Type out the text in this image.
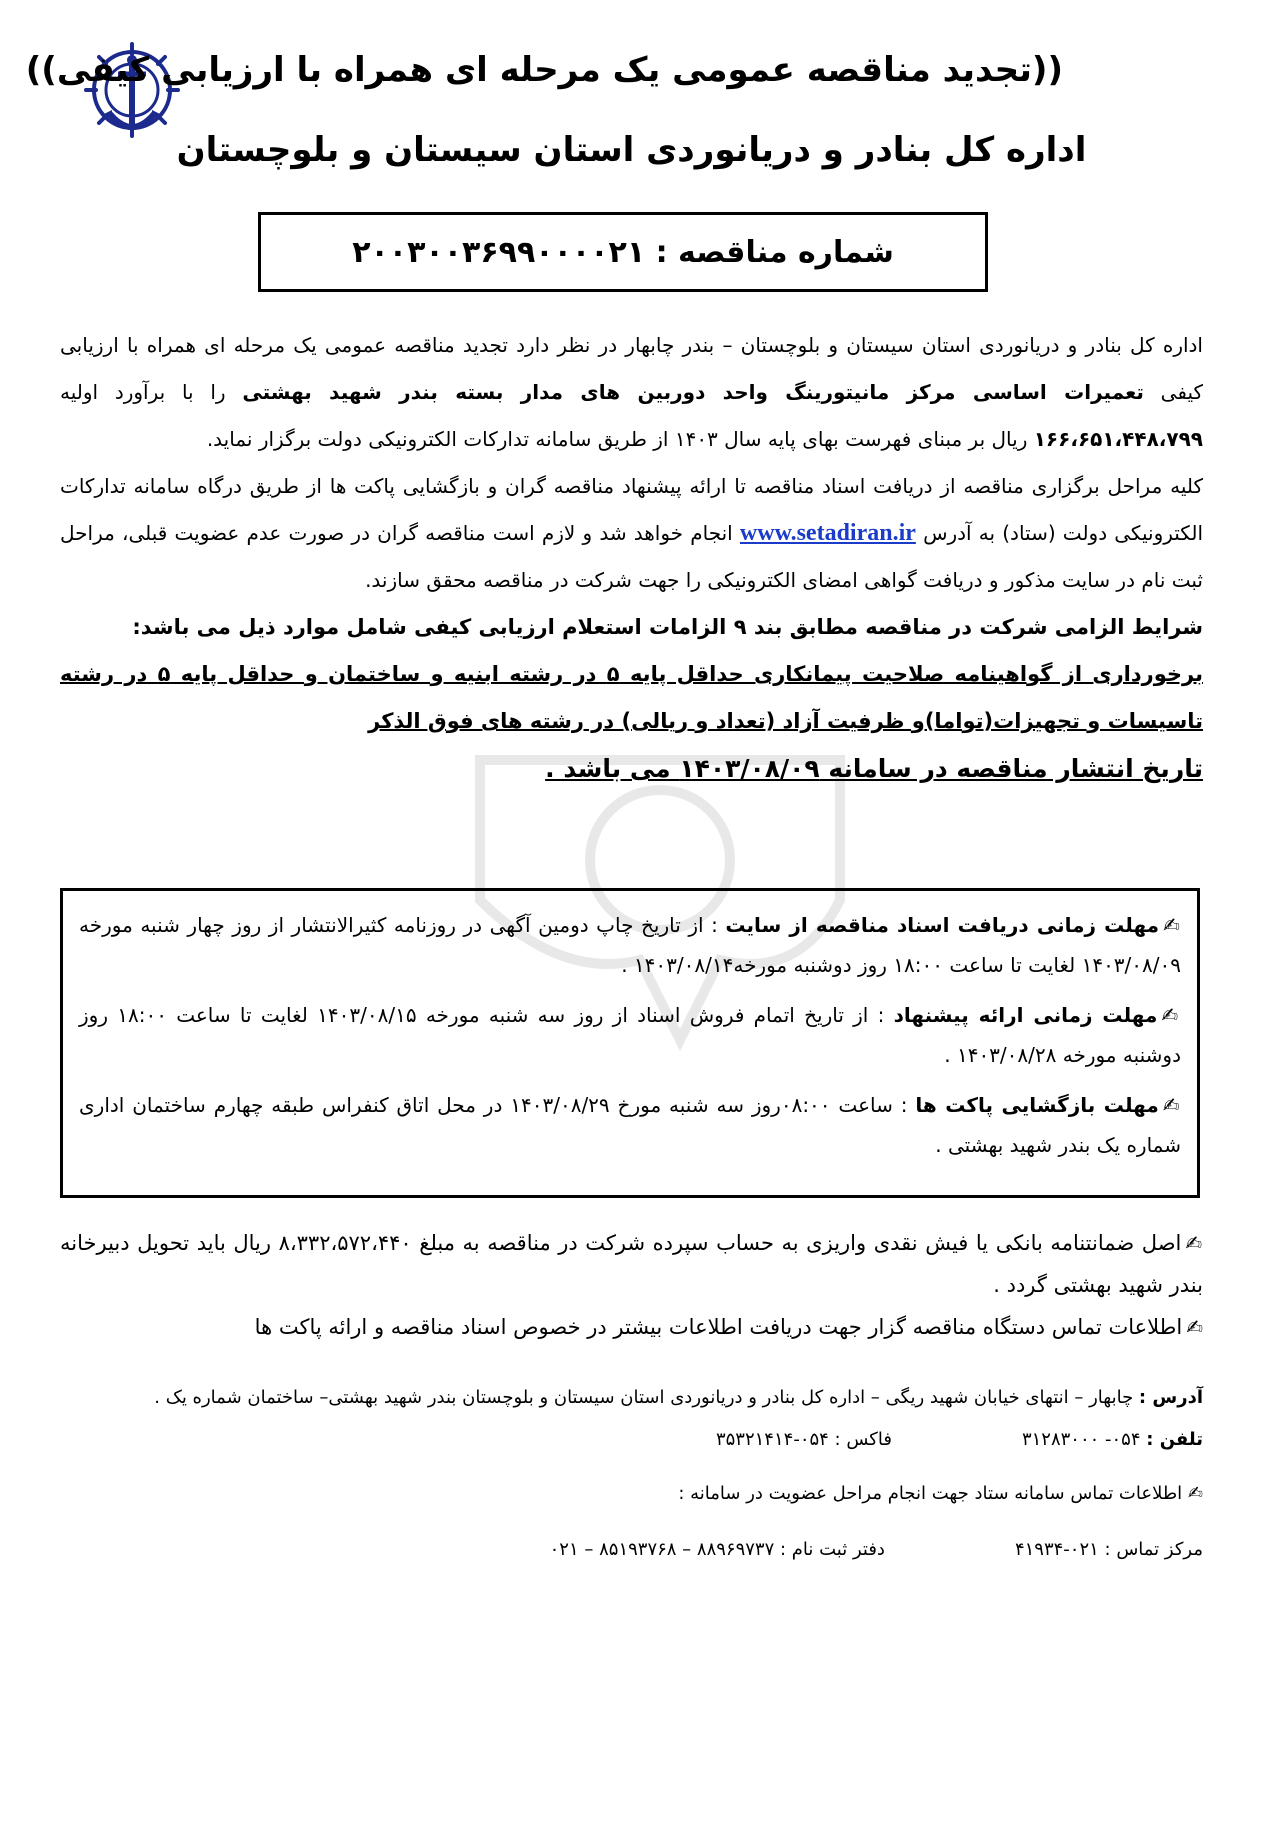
((تجدید مناقصه عمومی یک مرحله ای همراه با ارزیابی کیفی))
اداره کل بنادر و دریانوردی استان سیستان و بلوچستان
شماره مناقصه : ۲۰۰۳۰۰۳۶۹۹۰۰۰۰۲۱
اداره کل بنادر و دریانوردی استان سیستان و بلوچستان – بندر چابهار در نظر دارد تجدید مناقصه عمومی یک مرحله ای همراه با ارزیابی کیفی تعمیرات اساسی مرکز مانیتورینگ واحد دوربین های مدار بسته بندر شهید بهشتی را با برآورد اولیه ۱۶۶،۶۵۱،۴۴۸،۷۹۹ ریال بر مبنای فهرست بهای پایه سال ۱۴۰۳ از طریق سامانه تدارکات الکترونیکی دولت برگزار نماید.
کلیه مراحل برگزاری مناقصه از دریافت اسناد مناقصه تا ارائه پیشنهاد مناقصه گران و بازگشایی پاکت ها از طریق درگاه سامانه تدارکات الکترونیکی دولت (ستاد) به آدرس www.setadiran.ir انجام خواهد شد و لازم است مناقصه گران در صورت عدم عضویت قبلی، مراحل ثبت نام در سایت مذکور و دریافت گواهی امضای الکترونیکی را جهت شرکت در مناقصه محقق سازند.
شرایط الزامی شرکت در مناقصه مطابق بند ۹ الزامات استعلام ارزیابی کیفی شامل موارد ذیل می باشد:
برخورداری از گواهینامه صلاحیت پیمانکاری حداقل پایه ۵ در رشته ابنیه و ساختمان و حداقل پایه ۵ در رشته تاسیسات و تجهیزات(تواما)و ظرفیت آزاد (تعداد و ریالی) در رشته های فوق الذکر
تاریخ انتشار مناقصه در سامانه ۱۴۰۳/۰۸/۰۹ می باشد .

✍مهلت زمانی دریافت اسناد مناقصه از سایت : از تاریخ چاپ دومین آگهی در روزنامه کثیرالانتشار از روز چهار شنبه مورخه ۱۴۰۳/۰۸/۰۹ لغایت تا ساعت ۱۸:۰۰ روز دوشنبه مورخه۱۴۰۳/۰۸/۱۴ .

✍مهلت زمانی ارائه پیشنهاد : از تاریخ اتمام فروش اسناد از روز سه شنبه مورخه ۱۴۰۳/۰۸/۱۵ لغایت تا ساعت ۱۸:۰۰ روز دوشنبه مورخه ۱۴۰۳/۰۸/۲۸ .

✍مهلت بازگشایی پاکت ها : ساعت ۰۸:۰۰روز سه شنبه مورخ ۱۴۰۳/۰۸/۲۹ در محل اتاق کنفراس طبقه چهارم ساختمان اداری شماره یک بندر شهید بهشتی .

✍اصل ضمانتنامه بانکی یا فیش نقدی واریزی به حساب سپرده شرکت در مناقصه به مبلغ ۸،۳۳۲،۵۷۲،۴۴۰ ریال باید تحویل دبیرخانه بندر شهید بهشتی گردد .

✍اطلاعات تماس دستگاه مناقصه گزار جهت دریافت اطلاعات بیشتر در خصوص اسناد مناقصه و ارائه پاکت ها

آدرس : چابهار – انتهای خیابان شهید ریگی – اداره کل بنادر و دریانوردی استان سیستان و بلوچستان بندر شهید بهشتی– ساختمان شماره یک .

تلفن : ۰۵۴- ۳۱۲۸۳۰۰۰
فاکس : ۰۵۴-۳۵۳۲۱۴۱۴

✍ اطلاعات تماس سامانه ستاد جهت انجام مراحل عضویت در سامانه :

مرکز تماس : ۰۲۱-۴۱۹۳۴
دفتر ثبت نام : ۸۸۹۶۹۷۳۷ – ۸۵۱۹۳۷۶۸ – ۰۲۱
